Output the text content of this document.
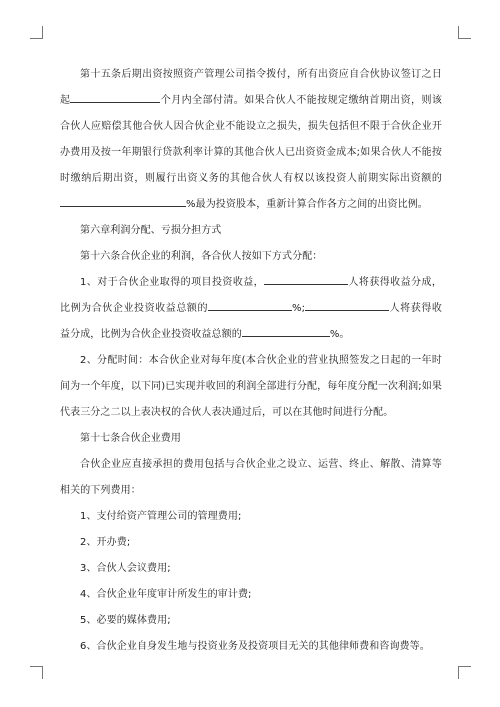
第十五条后期出资按照资产管理公司指令拨付，所有出资应自合伙协议签订之日起	个月内全部付清。如果合伙人不能按规定缴纳首期出资，则该合伙人应赔偿其他合伙人因合伙企业不能设立之损失，损失包括但不限于合伙企业开办费用及按一年期银行贷款利率计算的其他合伙人已出资资金成本;如果合伙人不能按时缴纳后期出资，则履行出资义务的其他合伙人有权以该投资人前期实际出资额的%最为投资股本，重新计算合作各方之间的出资比例。

第六章利润分配、亏损分担方式

第十六条合伙企业的利润，各合伙人按如下方式分配：

1、对于合伙企业取得的项目投资收益，	人将获得收益分成，比例为合伙企业投资收益总额的	%;	人将获得收益分成，比例为合伙企业投资收益总额的	%。

2、分配时间：本合伙企业对每年度(本合伙企业的营业执照签发之日起的一年时间为一个年度，以下同)已实现并收回的利润全部进行分配，每年度分配一次利润;如果代表三分之二以上表决权的合伙人表决通过后，可以在其他时间进行分配。

第十七条合伙企业费用

合伙企业应直接承担的费用包括与合伙企业之设立、运营、终止、解散、清算等相关的下列费用：

1、支付给资产管理公司的管理费用;

2、开办费;

3、合伙人会议费用;

4、合伙企业年度审计所发生的审计费;

5、必要的媒体费用;

6、合伙企业自身发生地与投资业务及投资项目无关的其他律师费和咨询费等。
